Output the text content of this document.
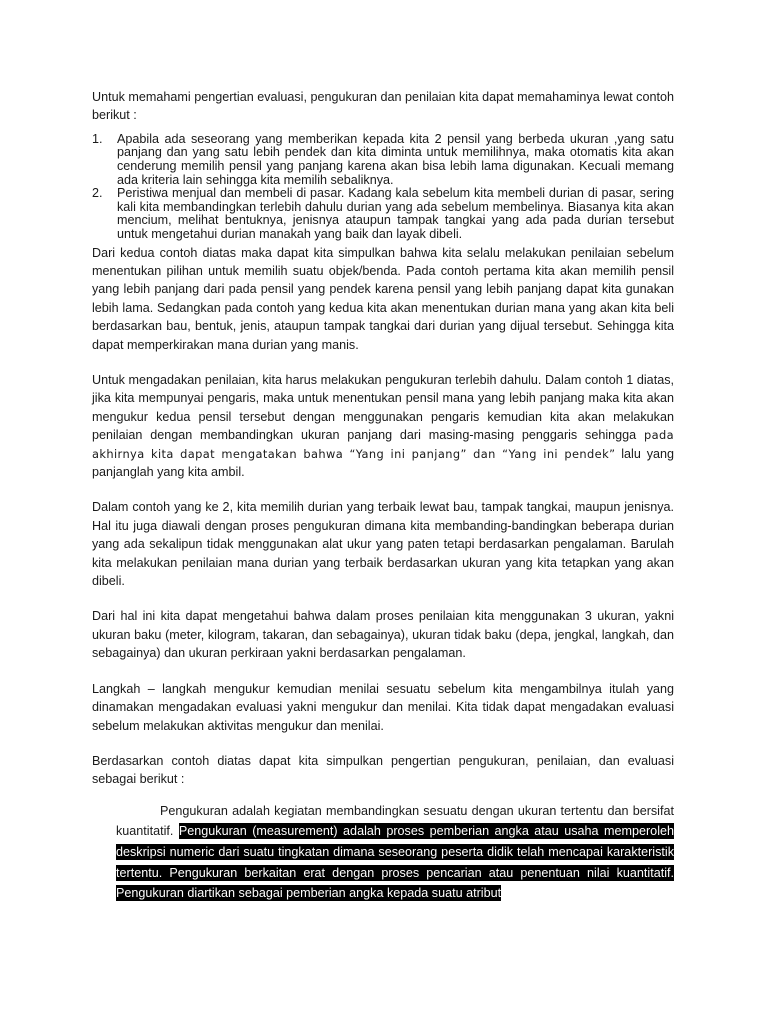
Untuk memahami pengertian evaluasi, pengukuran dan penilaian kita dapat memahaminya lewat contoh berikut :

1. Apabila ada seseorang yang memberikan kepada kita 2 pensil yang berbeda ukuran ,yang satu panjang dan yang satu lebih pendek dan kita diminta untuk memilihnya, maka otomatis kita akan cenderung memilih pensil yang panjang karena akan bisa lebih lama digunakan. Kecuali memang ada kriteria lain sehingga kita memilih sebaliknya.
2. Peristiwa menjual dan membeli di pasar. Kadang kala sebelum kita membeli durian di pasar, sering kali kita membandingkan terlebih dahulu durian yang ada sebelum membelinya. Biasanya kita akan mencium, melihat bentuknya, jenisnya ataupun tampak tangkai yang ada pada durian tersebut untuk mengetahui durian manakah yang baik dan layak dibeli.

Dari kedua contoh diatas maka dapat kita simpulkan bahwa kita selalu melakukan penilaian sebelum menentukan pilihan untuk memilih suatu objek/benda. Pada contoh pertama kita akan memilih pensil yang lebih panjang dari pada pensil yang pendek karena pensil yang lebih panjang dapat kita gunakan lebih lama. Sedangkan pada contoh yang kedua kita akan menentukan durian mana yang akan kita beli berdasarkan bau, bentuk, jenis, ataupun tampak tangkai dari durian yang dijual tersebut. Sehingga kita dapat memperkirakan mana durian yang manis.

Untuk mengadakan penilaian, kita harus melakukan pengukuran terlebih dahulu. Dalam contoh 1 diatas, jika kita mempunyai pengaris, maka untuk menentukan pensil mana yang lebih panjang maka kita akan mengukur kedua pensil tersebut dengan menggunakan pengaris kemudian kita akan melakukan penilaian dengan membandingkan ukuran panjang dari masing-masing penggaris sehingga pada akhirnya kita dapat mengatakan bahwa “Yang ini panjang” dan “Yang ini pendek” lalu yang panjanglah yang kita ambil.

Dalam contoh yang ke 2, kita memilih durian yang terbaik lewat bau, tampak tangkai, maupun jenisnya. Hal itu juga diawali dengan proses pengukuran dimana kita membanding-bandingkan beberapa durian yang ada sekalipun tidak menggunakan alat ukur yang paten tetapi berdasarkan pengalaman. Barulah kita melakukan penilaian mana durian yang terbaik berdasarkan ukuran yang kita tetapkan yang akan dibeli.

Dari hal ini kita dapat mengetahui bahwa dalam proses penilaian kita menggunakan 3 ukuran, yakni ukuran baku (meter, kilogram, takaran, dan sebagainya), ukuran tidak baku (depa, jengkal, langkah, dan sebagainya) dan ukuran perkiraan yakni berdasarkan pengalaman.

Langkah – langkah mengukur kemudian menilai sesuatu sebelum kita mengambilnya itulah yang dinamakan mengadakan evaluasi yakni mengukur dan menilai. Kita tidak dapat mengadakan evaluasi sebelum melakukan aktivitas mengukur dan menilai.

Berdasarkan contoh diatas dapat kita simpulkan pengertian pengukuran, penilaian, dan evaluasi sebagai berikut :

Pengukuran adalah kegiatan membandingkan sesuatu dengan ukuran tertentu dan bersifat kuantitatif. Pengukuran (measurement) adalah proses pemberian angka atau usaha memperoleh deskripsi numeric dari suatu tingkatan dimana seseorang peserta didik telah mencapai karakteristik tertentu. Pengukuran berkaitan erat dengan proses pencarian atau penentuan nilai kuantitatif. Pengukuran diartikan sebagai pemberian angka kepada suatu atribut
